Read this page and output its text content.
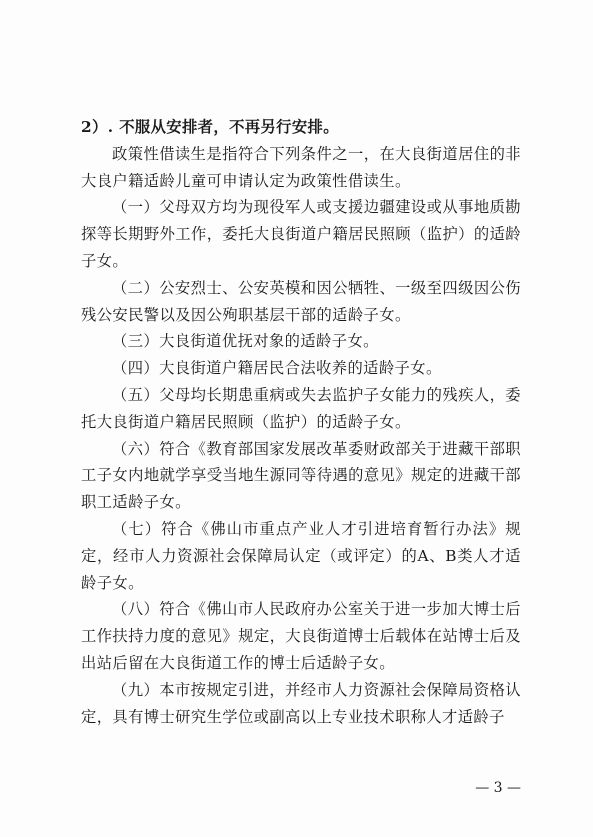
2）. 不服从安排者，不再另行安排。

政策性借读生是指符合下列条件之一，在大良街道居住的非大良户籍适龄儿童可申请认定为政策性借读生。

（一）父母双方均为现役军人或支援边疆建设或从事地质勘探等长期野外工作，委托大良街道户籍居民照顾（监护）的适龄子女。

（二）公安烈士、公安英模和因公牺牲、一级至四级因公伤残公安民警以及因公殉职基层干部的适龄子女。

（三）大良街道优抚对象的适龄子女。

（四）大良街道户籍居民合法收养的适龄子女。

（五）父母均长期患重病或失去监护子女能力的残疾人，委托大良街道户籍居民照顾（监护）的适龄子女。

（六）符合《教育部国家发展改革委财政部关于进藏干部职工子女内地就学享受当地生源同等待遇的意见》规定的进藏干部职工适龄子女。

（七）符合《佛山市重点产业人才引进培育暂行办法》规定，经市人力资源社会保障局认定（或评定）的A、B类人才适龄子女。

（八）符合《佛山市人民政府办公室关于进一步加大博士后工作扶持力度的意见》规定，大良街道博士后载体在站博士后及出站后留在大良街道工作的博士后适龄子女。

（九）本市按规定引进，并经市人力资源社会保障局资格认定，具有博士研究生学位或副高以上专业技术职称人才适龄子

— 3 —
